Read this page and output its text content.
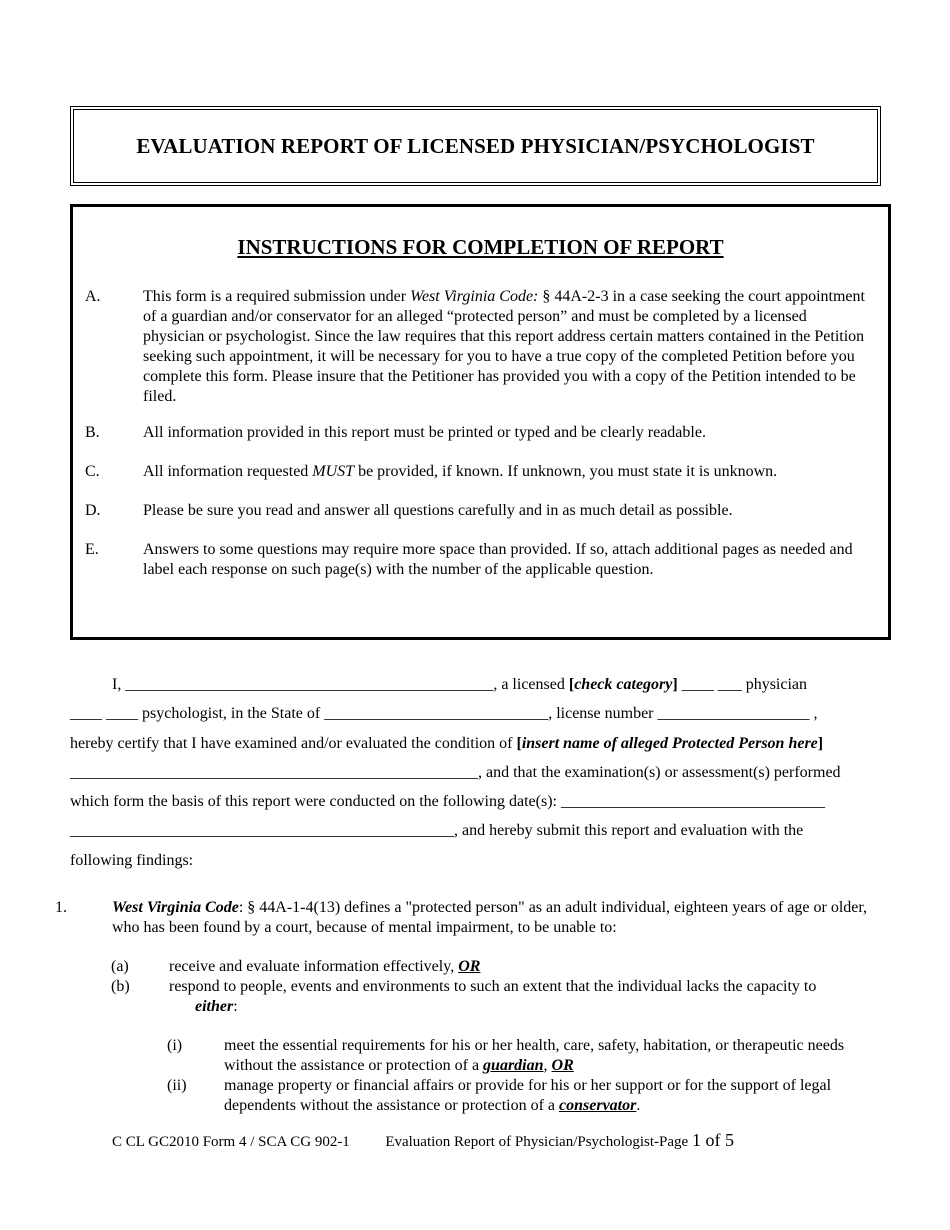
EVALUATION REPORT OF LICENSED PHYSICIAN/PSYCHOLOGIST
INSTRUCTIONS FOR COMPLETION OF REPORT
A.	This form is a required submission under West Virginia Code: § 44A-2-3 in a case seeking the court appointment of a guardian and/or conservator for an alleged “protected person” and must be completed by a licensed physician or psychologist. Since the law requires that this report address certain matters contained in the Petition seeking such appointment, it will be necessary for you to have a true copy of the completed Petition before you complete this form. Please insure that the Petitioner has provided you with a copy of the Petition intended to be filed.
B.	All information provided in this report must be printed or typed and be clearly readable.
C.	All information requested MUST be provided, if known. If unknown, you must state it is unknown.
D.	Please be sure you read and answer all questions carefully and in as much detail as possible.
E.	Answers to some questions may require more space than provided. If so, attach additional pages as needed and label each response on such page(s) with the number of the applicable question.
I, ______________________________________________, a licensed [check category] ____ ___ physician
____ ____ psychologist, in the State of ____________________________, license number ___________________ ,
hereby certify that I have examined and/or evaluated the condition of [insert name of alleged Protected Person here]
___________________________________________________, and that the examination(s) or assessment(s) performed
which form the basis of this report were conducted on the following date(s): _________________________________
________________________________________________, and hereby submit this report and evaluation with the
following findings:
1.	West Virginia Code: § 44A-1-4(13) defines a "protected person" as an adult individual, eighteen years of age or older, who has been found by a court, because of mental impairment, to be unable to:
(a)	receive and evaluate information effectively, OR
(b) respond to people, events and environments to such an extent that the individual lacks the capacity to
either:
(i)	meet the essential requirements for his or her health, care, safety, habitation, or therapeutic needs without the assistance or protection of a guardian, OR
(ii) manage property or financial affairs or provide for his or her support or for the support of legal dependents without the assistance or protection of a conservator.
C CL GC2010 Form 4 / SCA CG 902-1 Evaluation Report of Physician/Psychologist-Page 1 of 5
